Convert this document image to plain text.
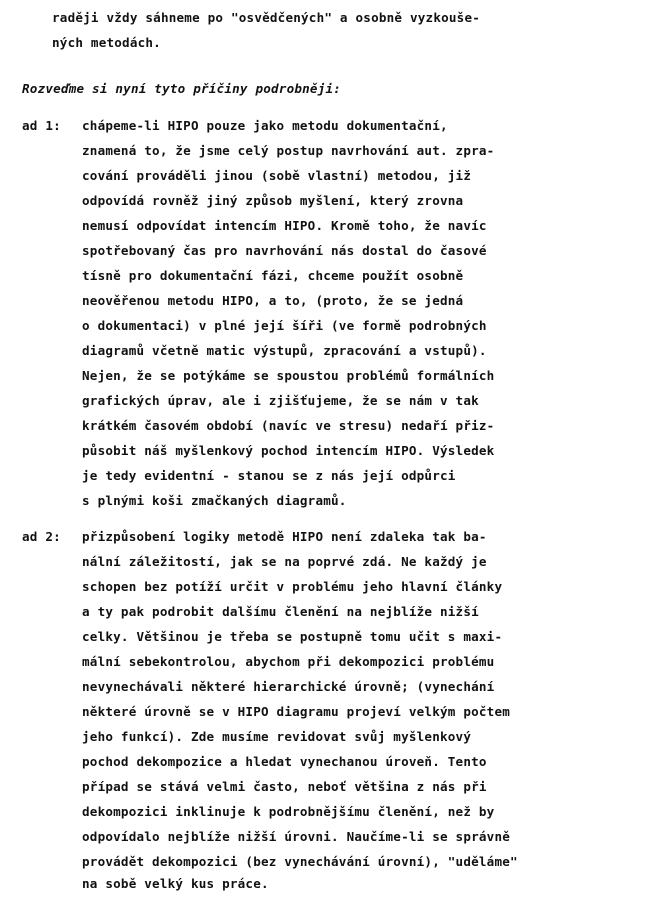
raději vždy sáhneme po "osvědčených" a osobně vyzkouše-
ných metodách.
Rozveďme si nyní tyto příčiny podrobněji:
ad 1: chápeme-li HIPO pouze jako metodu dokumentační,
znamená to, že jsme celý postup navrhování aut. zpra-
cování prováděli jinou (sobě vlastní) metodou, již
odpovídá rovněž jiný způsob myšlení, který zrovna
nemusí odpovídat intencím HIPO. Kromě toho, že navíc
spotřebovaný čas pro navrhování nás dostal do časové
tísně pro dokumentační fázi, chceme použít osobně
neověřenou metodu HIPO, a to, (proto, že se jedná
o dokumentaci) v plné její šíři (ve formě podrobných
diagramů včetně matic výstupů, zpracování a vstupů).
Nejen, že se potýkáme se spoustou problémů formálních
grafických úprav, ale i zjišťujeme, že se nám v tak
krátkém časovém období (navíc ve stresu) nedaří přiz-
působit náš myšlenkový pochod intencím HIPO. Výsledek
je tedy evidentní - stanou se z nás její odpůrci
s plnými koši zmačkaných diagramů.
ad 2: přizpůsobení logiky metodě HIPO není zdaleka tak ba-
nální záležitostí, jak se na poprvé zdá. Ne každý je
schopen bez potíží určit v problému jeho hlavní články
a ty pak podrobit dalšímu členění na nejblíže nižší
celky. Většinou je třeba se postupně tomu učit s maxi-
mální sebekontrolou, abychom při dekompozici problému
nevynechávali některé hierarchické úrovně; (vynechání
některé úrovně se v HIPO diagramu projeví velkým počtem
jeho funkcí). Zde musíme revidovat svůj myšlenkový
pochod dekompozice a hledat vynechanou úroveň. Tento
případ se stává velmi často, neboť většina z nás při
dekompozici inklinuje k podrobnějšímu členění, než by
odpovídalo nejblíže nižší úrovni. Naučíme-li se správně
provádět dekompozici (bez vynechávání úrovní), "uděláme"
na sobě velký kus práce.
